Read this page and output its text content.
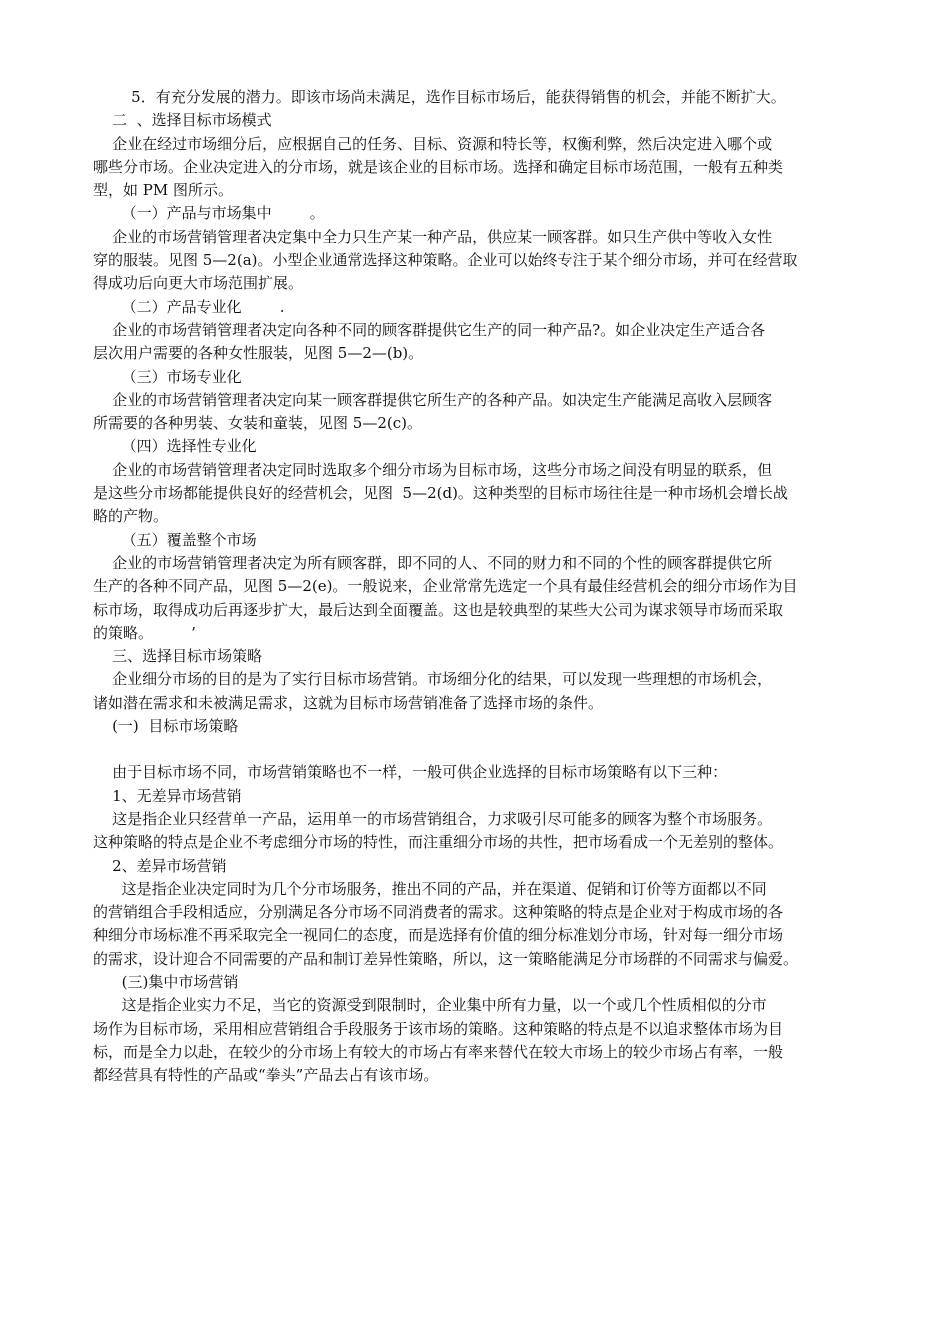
5．有充分发展的潜力。即该市场尚未满足，选作目标市场后，能获得销售的机会，并能不断扩大。
二  、选择目标市场模式
企业在经过市场细分后，应根据自己的任务、目标、资源和特长等，权衡利弊，然后决定进入哪个或
哪些分市场。企业决定进入的分市场，就是该企业的目标市场。选择和确定目标市场范围，一般有五种类
型，如 PM 图所示。
（一）产品与市场集中        。
企业的市场营销管理者决定集中全力只生产某一种产品，供应某一顾客群。如只生产供中等收入女性
穿的服装。见图 5—2(a)。小型企业通常选择这种策略。企业可以始终专注于某个细分市场，并可在经营取
得成功后向更大市场范围扩展。
（二）产品专业化        .
企业的市场营销管理者决定向各种不同的顾客群提供它生产的同一种产品?。如企业决定生产适合各
层次用户需要的各种女性服装，见图 5—2—(b)。
（三）市场专业化
企业的市场营销管理者决定向某一顾客群提供它所生产的各种产品。如决定生产能满足高收入层顾客
所需要的各种男装、女装和童装，见图 5—2(c)。
（四）选择性专业化
企业的市场营销管理者决定同时选取多个细分市场为目标市场，这些分市场之间没有明显的联系，但
是这些分市场都能提供良好的经营机会，见图  5—2(d)。这种类型的目标市场往往是一种市场机会增长战
略的产物。
（五）覆盖整个市场
企业的市场营销管理者决定为所有顾客群，即不同的人、不同的财力和不同的个性的顾客群提供它所
生产的各种不同产品，见图 5—2(e)。一般说来，企业常常先选定一个具有最佳经营机会的细分市场作为目
标市场，取得成功后再逐步扩大，最后达到全面覆盖。这也是较典型的某些大公司为谋求领导市场而采取
的策略。        ’
三、选择目标市场策略
企业细分市场的目的是为了实行目标市场营销。市场细分化的结果，可以发现一些理想的市场机会，
诸如潜在需求和未被满足需求，这就为目标市场营销准备了选择市场的条件。
(一)  目标市场策略
由于目标市场不同，市场营销策略也不一样，一般可供企业选择的目标市场策略有以下三种：
1、无差异市场营销
这是指企业只经营单一产品，运用单一的市场营销组合，力求吸引尽可能多的顾客为整个市场服务。
这种策略的特点是企业不考虑细分市场的特性，而注重细分市场的共性，把市场看成一个无差别的整体。
2、差异市场营销
这是指企业决定同时为几个分市场服务，推出不同的产品，并在渠道、促销和订价等方面都以不同
的营销组合手段相适应，分别满足各分市场不同消费者的需求。这种策略的特点是企业对于构成市场的各
种细分市场标准不再采取完全一视同仁的态度，而是选择有价值的细分标准划分市场，针对每一细分市场
的需求，设计迎合不同需要的产品和制订差异性策略，所以，这一策略能满足分市场群的不同需求与偏爱。
(三)集中市场营销
这是指企业实力不足，当它的资源受到限制时，企业集中所有力量，以一个或几个性质相似的分市
场作为目标市场，采用相应营销组合手段服务于该市场的策略。这种策略的特点是不以追求整体市场为目
标，而是全力以赴，在较少的分市场上有较大的市场占有率来替代在较大市场上的较少市场占有率，一般
都经营具有特性的产品或“拳头”产品去占有该市场。
